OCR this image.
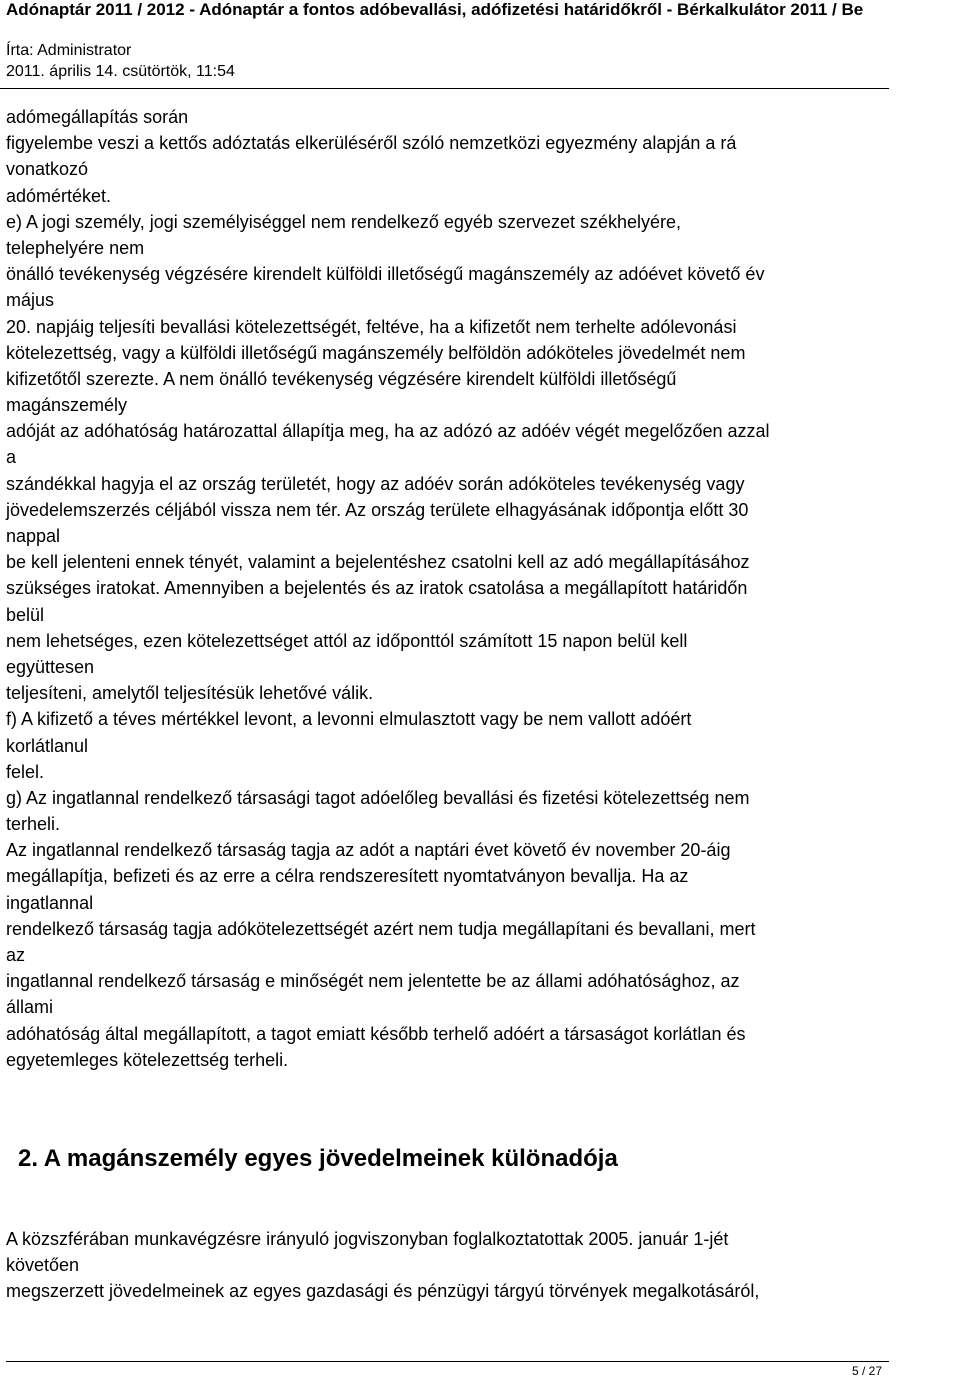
Adónaptár 2011 / 2012 - Adónaptár a fontos adóbevallási, adófizetési határidőkről - Bérkalkulátor 2011 / Be
Írta: Administrator
2011. április 14. csütörtök, 11:54
adómegállapítás során
figyelembe veszi a kettős adóztatás elkerüléséről szóló nemzetközi egyezmény alapján a rá
vonatkozó
adómértéket.
e) A jogi személy, jogi személyiséggel nem rendelkező egyéb szervezet székhelyére,
telephelyére nem
önálló tevékenység végzésére kirendelt külföldi illetőségű magánszemély az adóévet követő év
május
20. napjáig teljesíti bevallási kötelezettségét, feltéve, ha a kifizetőt nem terhelte adólevonási
kötelezettség, vagy a külföldi illetőségű magánszemély belföldön adóköteles jövedelmét nem
kifizetőtől szerezte. A nem önálló tevékenység végzésére kirendelt külföldi illetőségű
magánszemély
adóját az adóhatóság határozattal állapítja meg, ha az adózó az adóév végét megelőzően azzal
a
szándékkal hagyja el az ország területét, hogy az adóév során adóköteles tevékenység vagy
jövedelemszerzés céljából vissza nem tér. Az ország területe elhagyásának időpontja előtt 30
nappal
be kell jelenteni ennek tényét, valamint a bejelentéshez csatolni kell az adó megállapításához
szükséges iratokat. Amennyiben a bejelentés és az iratok csatolása a megállapított határidőn
belül
nem lehetséges, ezen kötelezettséget attól az időponttól számított 15 napon belül kell
együttesen
teljesíteni, amelytől teljesítésük lehetővé válik.
f) A kifizető a téves mértékkel levont, a levonni elmulasztott vagy be nem vallott adóért
korlátlanul
felel.
g) Az ingatlannal rendelkező társasági tagot adóelőleg bevallási és fizetési kötelezettség nem
terheli.
Az ingatlannal rendelkező társaság tagja az adót a naptári évet követő év november 20-áig
megállapítja, befizeti és az erre a célra rendszeresített nyomtatványon bevallja. Ha az
ingatlannal
rendelkező társaság tagja adókötelezettségét azért nem tudja megállapítani és bevallani, mert
az
ingatlannal rendelkező társaság e minőségét nem jelentette be az állami adóhatósághoz, az
állami
adóhatóság által megállapított, a tagot emiatt később terhelő adóért a társaságot korlátlan és
egyetemleges kötelezettség terheli.
2. A magánszemély egyes jövedelmeinek különadója
A közszférában munkavégzésre irányuló jogviszonyban foglalkoztatottak 2005. január 1-jét
követően
megszerzett jövedelmeinek az egyes gazdasági és pénzügyi tárgyú törvények megalkotásáról,
5 / 27
